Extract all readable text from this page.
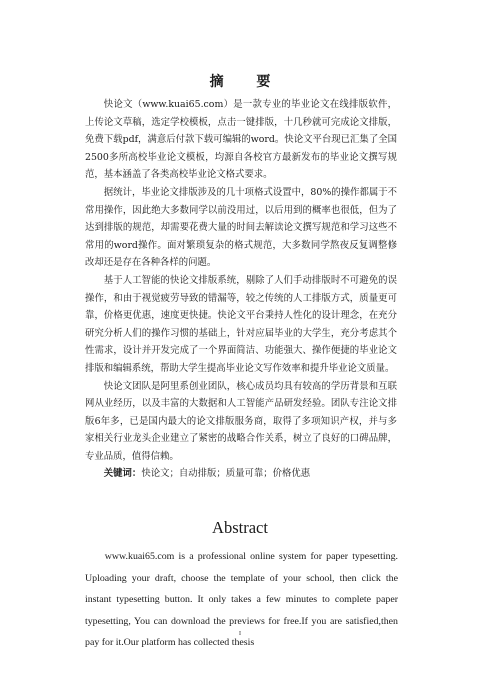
摘 要

快论文（www.kuai65.com）是一款专业的毕业论文在线排版软件，上传论文草稿，选定学校模板，点击一键排版，十几秒就可完成论文排版，免费下载pdf，满意后付款下载可编辑的word。快论文平台现已汇集了全国2500多所高校毕业论文模板，均源自各校官方最新发布的毕业论文撰写规范，基本涵盖了各类高校毕业论文格式要求。

据统计，毕业论文排版涉及的几十项格式设置中，80%的操作都属于不常用操作，因此绝大多数同学以前没用过，以后用到的概率也很低，但为了达到排版的规范，却需要花费大量的时间去解读论文撰写规范和学习这些不常用的word操作。面对繁琐复杂的格式规范，大多数同学熬夜反复调整修改却还是存在各种各样的问题。

基于人工智能的快论文排版系统，剔除了人们手动排版时不可避免的误操作，和由于视觉疲劳导致的错漏等，较之传统的人工排版方式，质量更可靠，价格更优惠，速度更快捷。快论文平台秉持人性化的设计理念，在充分研究分析人们的操作习惯的基础上，针对应届毕业的大学生，充分考虑其个性需求，设计并开发完成了一个界面简洁、功能强大、操作便捷的毕业论文排版和编辑系统，帮助大学生提高毕业论文写作效率和提升毕业论文质量。

快论文团队是阿里系创业团队，核心成员均具有较高的学历背景和互联网从业经历，以及丰富的大数据和人工智能产品研发经验。团队专注论文排版6年多，已是国内最大的论文排版服务商，取得了多项知识产权，并与多家相关行业龙头企业建立了紧密的战略合作关系，树立了良好的口碑品牌，专业品质，值得信赖。

关键词：快论文；自动排版；质量可靠；价格优惠

Abstract

www.kuai65.com is a professional online system for paper typesetting. Uploading your draft, choose the template of your school, then click the instant typesetting button. It only takes a few minutes to complete paper typesetting, You can download the previews for free.If you are satisfied,then pay for it.Our platform has collected thesis

I
